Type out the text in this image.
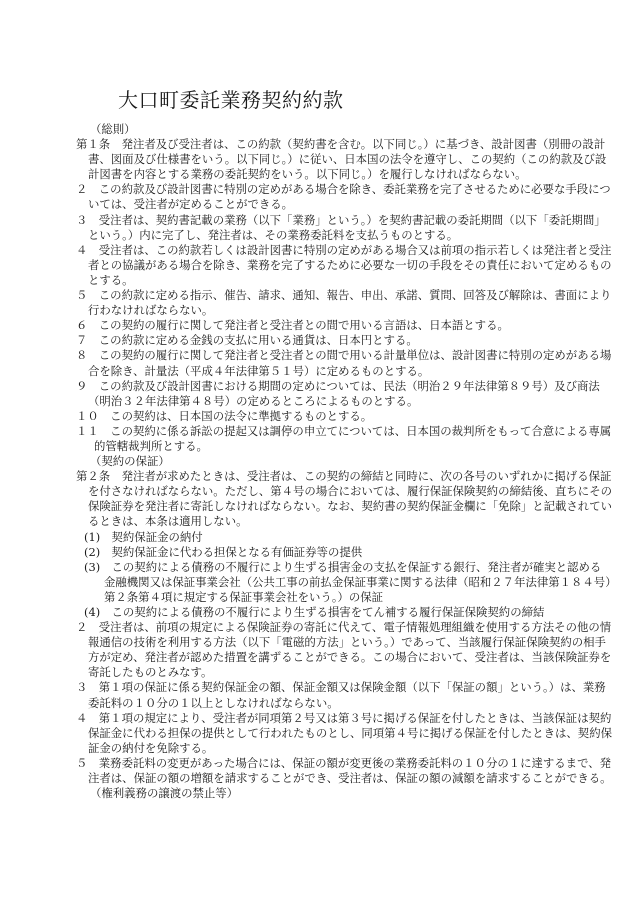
大口町委託業務契約約款

（総則）

第１条　発注者及び受注者は、この約款（契約書を含む。以下同じ。）に基づき、設計図書（別冊の設計書、図面及び仕様書をいう。以下同じ。）に従い、日本国の法令を遵守し、この契約（この約款及び設計図書を内容とする業務の委託契約をいう。以下同じ。）を履行しなければならない。

２　この約款及び設計図書に特別の定めがある場合を除き、委託業務を完了させるために必要な手段については、受注者が定めることができる。

３　受注者は、契約書記載の業務（以下「業務」という。）を契約書記載の委託期間（以下「委託期間」という。）内に完了し、発注者は、その業務委託料を支払うものとする。

４　受注者は、この約款若しくは設計図書に特別の定めがある場合又は前項の指示若しくは発注者と受注者との協議がある場合を除き、業務を完了するために必要な一切の手段をその責任において定めるものとする。

５　この約款に定める指示、催告、請求、通知、報告、申出、承諾、質問、回答及び解除は、書面により行わなければならない。

６　この契約の履行に関して発注者と受注者との間で用いる言語は、日本語とする。

７　この約款に定める金銭の支払に用いる通貨は、日本円とする。

８　この契約の履行に関して発注者と受注者との間で用いる計量単位は、設計図書に特別の定めがある場合を除き、計量法（平成４年法律第５１号）に定めるものとする。

９　この約款及び設計図書における期間の定めについては、民法（明治２９年法律第８９号）及び商法（明治３２年法律第４８号）の定めるところによるものとする。

１０　この契約は、日本国の法令に準拠するものとする。

１１　この契約に係る訴訟の提起又は調停の申立てについては、日本国の裁判所をもって合意による専属的管轄裁判所とする。

（契約の保証）

第２条　発注者が求めたときは、受注者は、この契約の締結と同時に、次の各号のいずれかに掲げる保証を付さなければならない。ただし、第４号の場合においては、履行保証保険契約の締結後、直ちにその保険証券を発注者に寄託しなければならない。なお、契約書の契約保証金欄に「免除」と記載されているときは、本条は適用しない。

(1)　契約保証金の納付

(2)　契約保証金に代わる担保となる有価証券等の提供

(3)　この契約による債務の不履行により生ずる損害金の支払を保証する銀行、発注者が確実と認める金融機関又は保証事業会社（公共工事の前払金保証事業に関する法律（昭和２７年法律第１８４号）第２条第４項に規定する保証事業会社をいう。）の保証

(4)　この契約による債務の不履行により生ずる損害をてん補する履行保証保険契約の締結

２　受注者は、前項の規定による保険証券の寄託に代えて、電子情報処理組織を使用する方法その他の情報通信の技術を利用する方法（以下「電磁的方法」という。）であって、当該履行保証保険契約の相手方が定め、発注者が認めた措置を講ずることができる。この場合において、受注者は、当該保険証券を寄託したものとみなす。

３　第１項の保証に係る契約保証金の額、保証金額又は保険金額（以下「保証の額」という。）は、業務委託料の１０分の１以上としなければならない。

４　第１項の規定により、受注者が同項第２号又は第３号に掲げる保証を付したときは、当該保証は契約保証金に代わる担保の提供として行われたものとし、同項第４号に掲げる保証を付したときは、契約保証金の納付を免除する。

５　業務委託料の変更があった場合には、保証の額が変更後の業務委託料の１０分の１に達するまで、発注者は、保証の額の増額を請求することができ、受注者は、保証の額の減額を請求することができる。

（権利義務の譲渡の禁止等）
